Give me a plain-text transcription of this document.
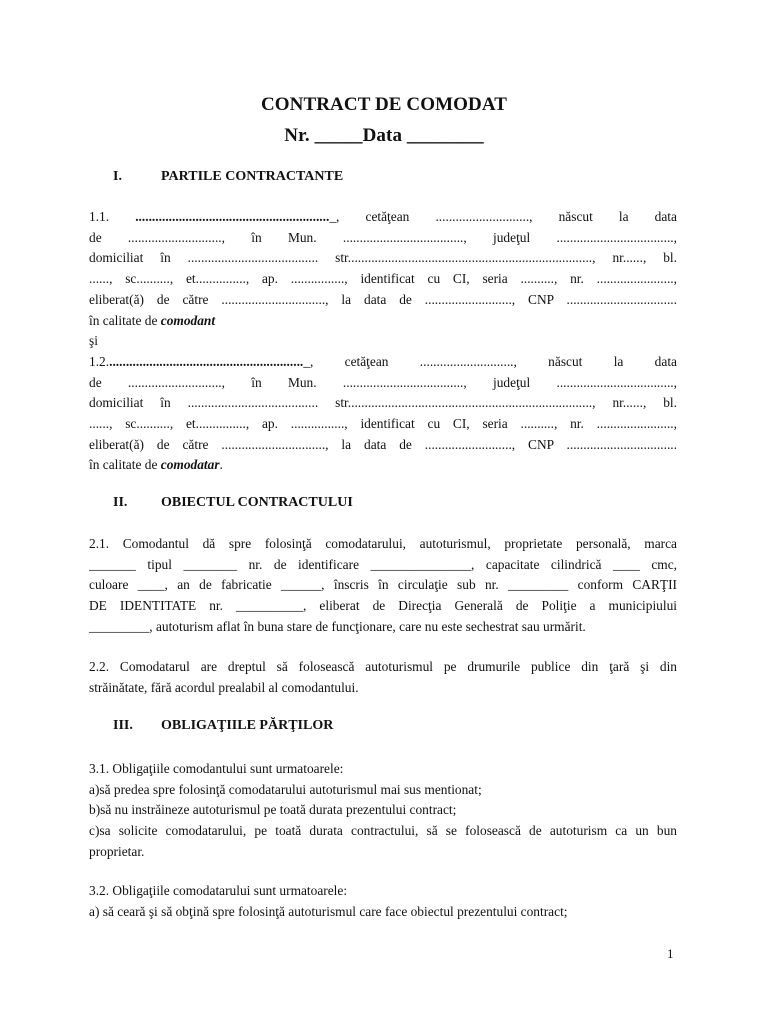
CONTRACT DE COMODAT
Nr. _____Data ________
I.	PARTILE CONTRACTANTE
1.1. .........................................................._, cetăţean ............................, născut la data
de ............................, în Mun. ...................................., judeţul ...................................,
domiciliat în ....................................... str........................................................................., nr......, bl.
......, sc.........., et..............., ap. ................, identificat cu CI, seria .........., nr. .......................,
eliberat(ă) de către ..............................., la data de .........................., CNP .................................
în calitate de comodant
şi
1.2..........................................................._, cetăţean ............................, născut la data
de ............................, în Mun. ...................................., judeţul ...................................,
domiciliat în ....................................... str........................................................................., nr......, bl.
......, sc.........., et..............., ap. ................, identificat cu CI, seria .........., nr. .......................,
eliberat(ă) de către ..............................., la data de .........................., CNP .................................
în calitate de comodatar.
II. OBIECTUL CONTRACTULUI
2.1. Comodantul dă spre folosinţă comodatarului, autoturismul, proprietate personală, marca
_______ tipul ________ nr. de identificare _______________, capacitate cilindrică ____ cmc,
culoare ____, an de fabricatie ______, înscris în circulaţie sub nr. _________ conform CARŢII
DE IDENTITATE nr. __________, eliberat de Direcţia Generală de Poliţie a municipiului
_________, autoturism aflat în buna stare de funcţionare, care nu este sechestrat sau urmărit.
2.2. Comodatarul are dreptul să folosească autoturismul pe drumurile publice din ţară şi din
străinătate, fără acordul prealabil al comodantului.
III. OBLIGAŢIILE PĂRŢILOR
3.1. Obligaţiile comodantului sunt urmatoarele:
a)să predea spre folosinţă comodatarului autoturismul mai sus mentionat;
b)să nu instrăineze autoturismul pe toată durata prezentului contract;
c)sa solicite comodatarului, pe toată durata contractului, să se folosească de autoturism ca un bun
proprietar.
3.2. Obligaţiile comodatarului sunt urmatoarele:
a) să ceară şi să obţină spre folosinţă autoturismul care face obiectul prezentului contract;
1
